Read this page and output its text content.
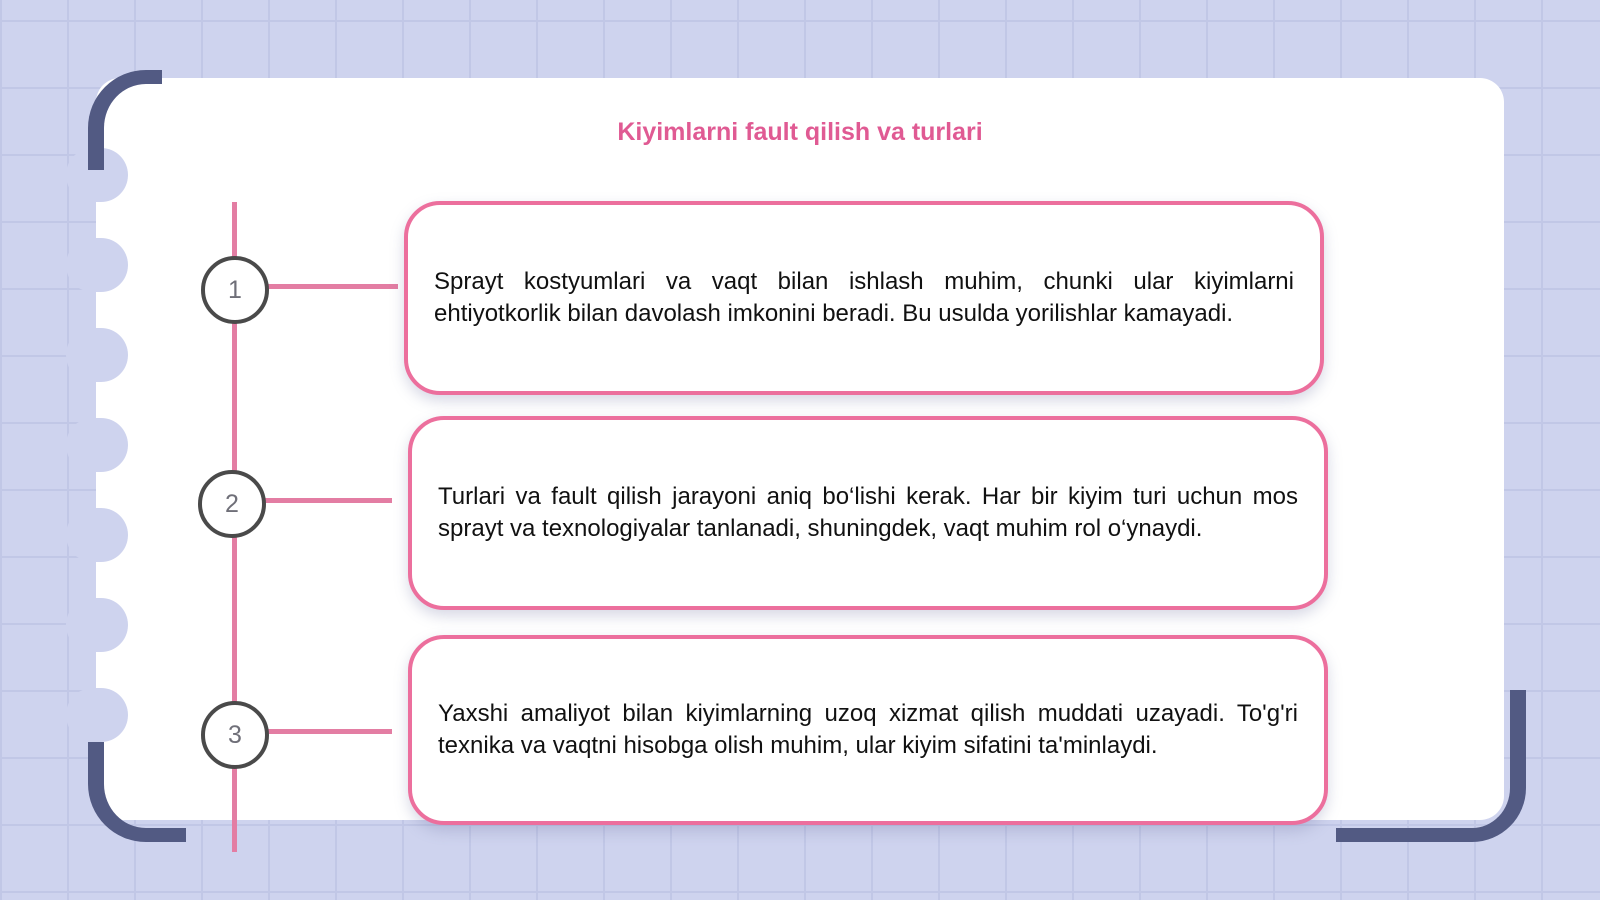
Kiyimlarni fault qilish va turlari
1
2
3

Sprayt kostyumlari va vaqt bilan ishlash muhim, chunki ular kiyimlarni ehtiyotkorlik bilan davolash imkonini beradi. Bu usulda yorilishlar kamayadi.

Turlari va fault qilish jarayoni aniq bo‘lishi kerak. Har bir kiyim turi uchun mos sprayt va texnologiyalar tanlanadi, shuningdek, vaqt muhim rol o‘ynaydi.

Yaxshi amaliyot bilan kiyimlarning uzoq xizmat qilish muddati uzayadi. To'g'ri texnika va vaqtni hisobga olish muhim, ular kiyim sifatini ta'minlaydi.
